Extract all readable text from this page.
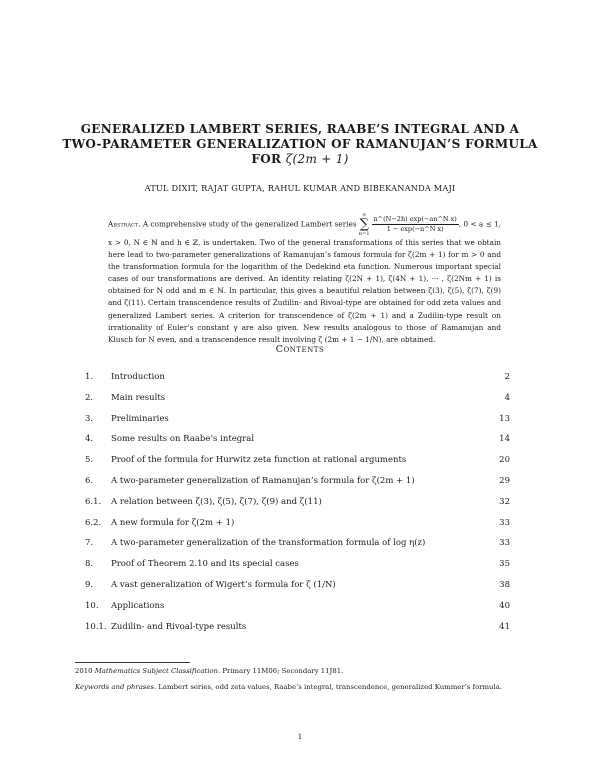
GENERALIZED LAMBERT SERIES, RAABE’S INTEGRAL AND A
TWO-PARAMETER GENERALIZATION OF RAMANUJAN’S FORMULA
FOR ζ(2m + 1)
ATUL DIXIT, RAJAT GUPTA, RAHUL KUMAR AND BIBEKANANDA MAJI
Abstract. A comprehensive study of the generalized Lambert series ∞
∑
$n=1 \frac{\text{n\textasciicircum{}(N−2h) exp(−an\textasciicircum{}N x)}}{\text{1 − exp(−n\textasciicircum{}N x)}}$ , 0 < a ≤ 1, x > 0, N ∈ ℕ and h ∈ ℤ, is undertaken. Two of the general transformations of this series that we obtain here lead to two-parameter generalizations of Ramanujan’s famous formula for ζ(2m + 1) for m > 0 and the transformation formula for the logarithm of the Dedekind eta function. Numerous important special cases of our transformations are derived. An identity relating ζ(2N + 1), ζ(4N + 1), ··· , ζ(2Nm + 1) is obtained for N odd and m ∈ ℕ. In particular, this gives a beautiful relation between ζ(3), ζ(5), ζ(7), ζ(9) and ζ(11). Certain transcendence results of Zudilin- and Rivoal-type are obtained for odd zeta values and generalized Lambert series. A criterion for transcendence of ζ(2m + 1) and a Zudilin-type result on irrationality of Euler’s constant γ are also given. New results analogous to those of Ramanujan and Klusch for N even, and a transcendence result involving ζ (2m + 1 − 1/N), are obtained.
Contents
1.	Introduction	2
2.	Main results	4
3.	Preliminaries	13
4.	Some results on Raabe’s integral	14
5.	Proof of the formula for Hurwitz zeta function at rational arguments	20
6.	A two-parameter generalization of Ramanujan’s formula for ζ(2m + 1)	29
6.1.	A relation between ζ(3), ζ(5), ζ(7), ζ(9) and ζ(11)	32
6.2.	A new formula for ζ(2m + 1)	33
7.	A two-parameter generalization of the transformation formula of log η(z)	33
8.	Proof of Theorem 2.10 and its special cases	35
9.	A vast generalization of Wigert’s formula for ζ (1/N)	38
10.	Applications	40
10.1. Zudilin- and Rivoal-type results	41
2010 Mathematics Subject Classification. Primary 11M06; Secondary 11J81.
Keywords and phrases. Lambert series, odd zeta values, Raabe’s integral, transcendence, generalized Kummer’s formula.
1
